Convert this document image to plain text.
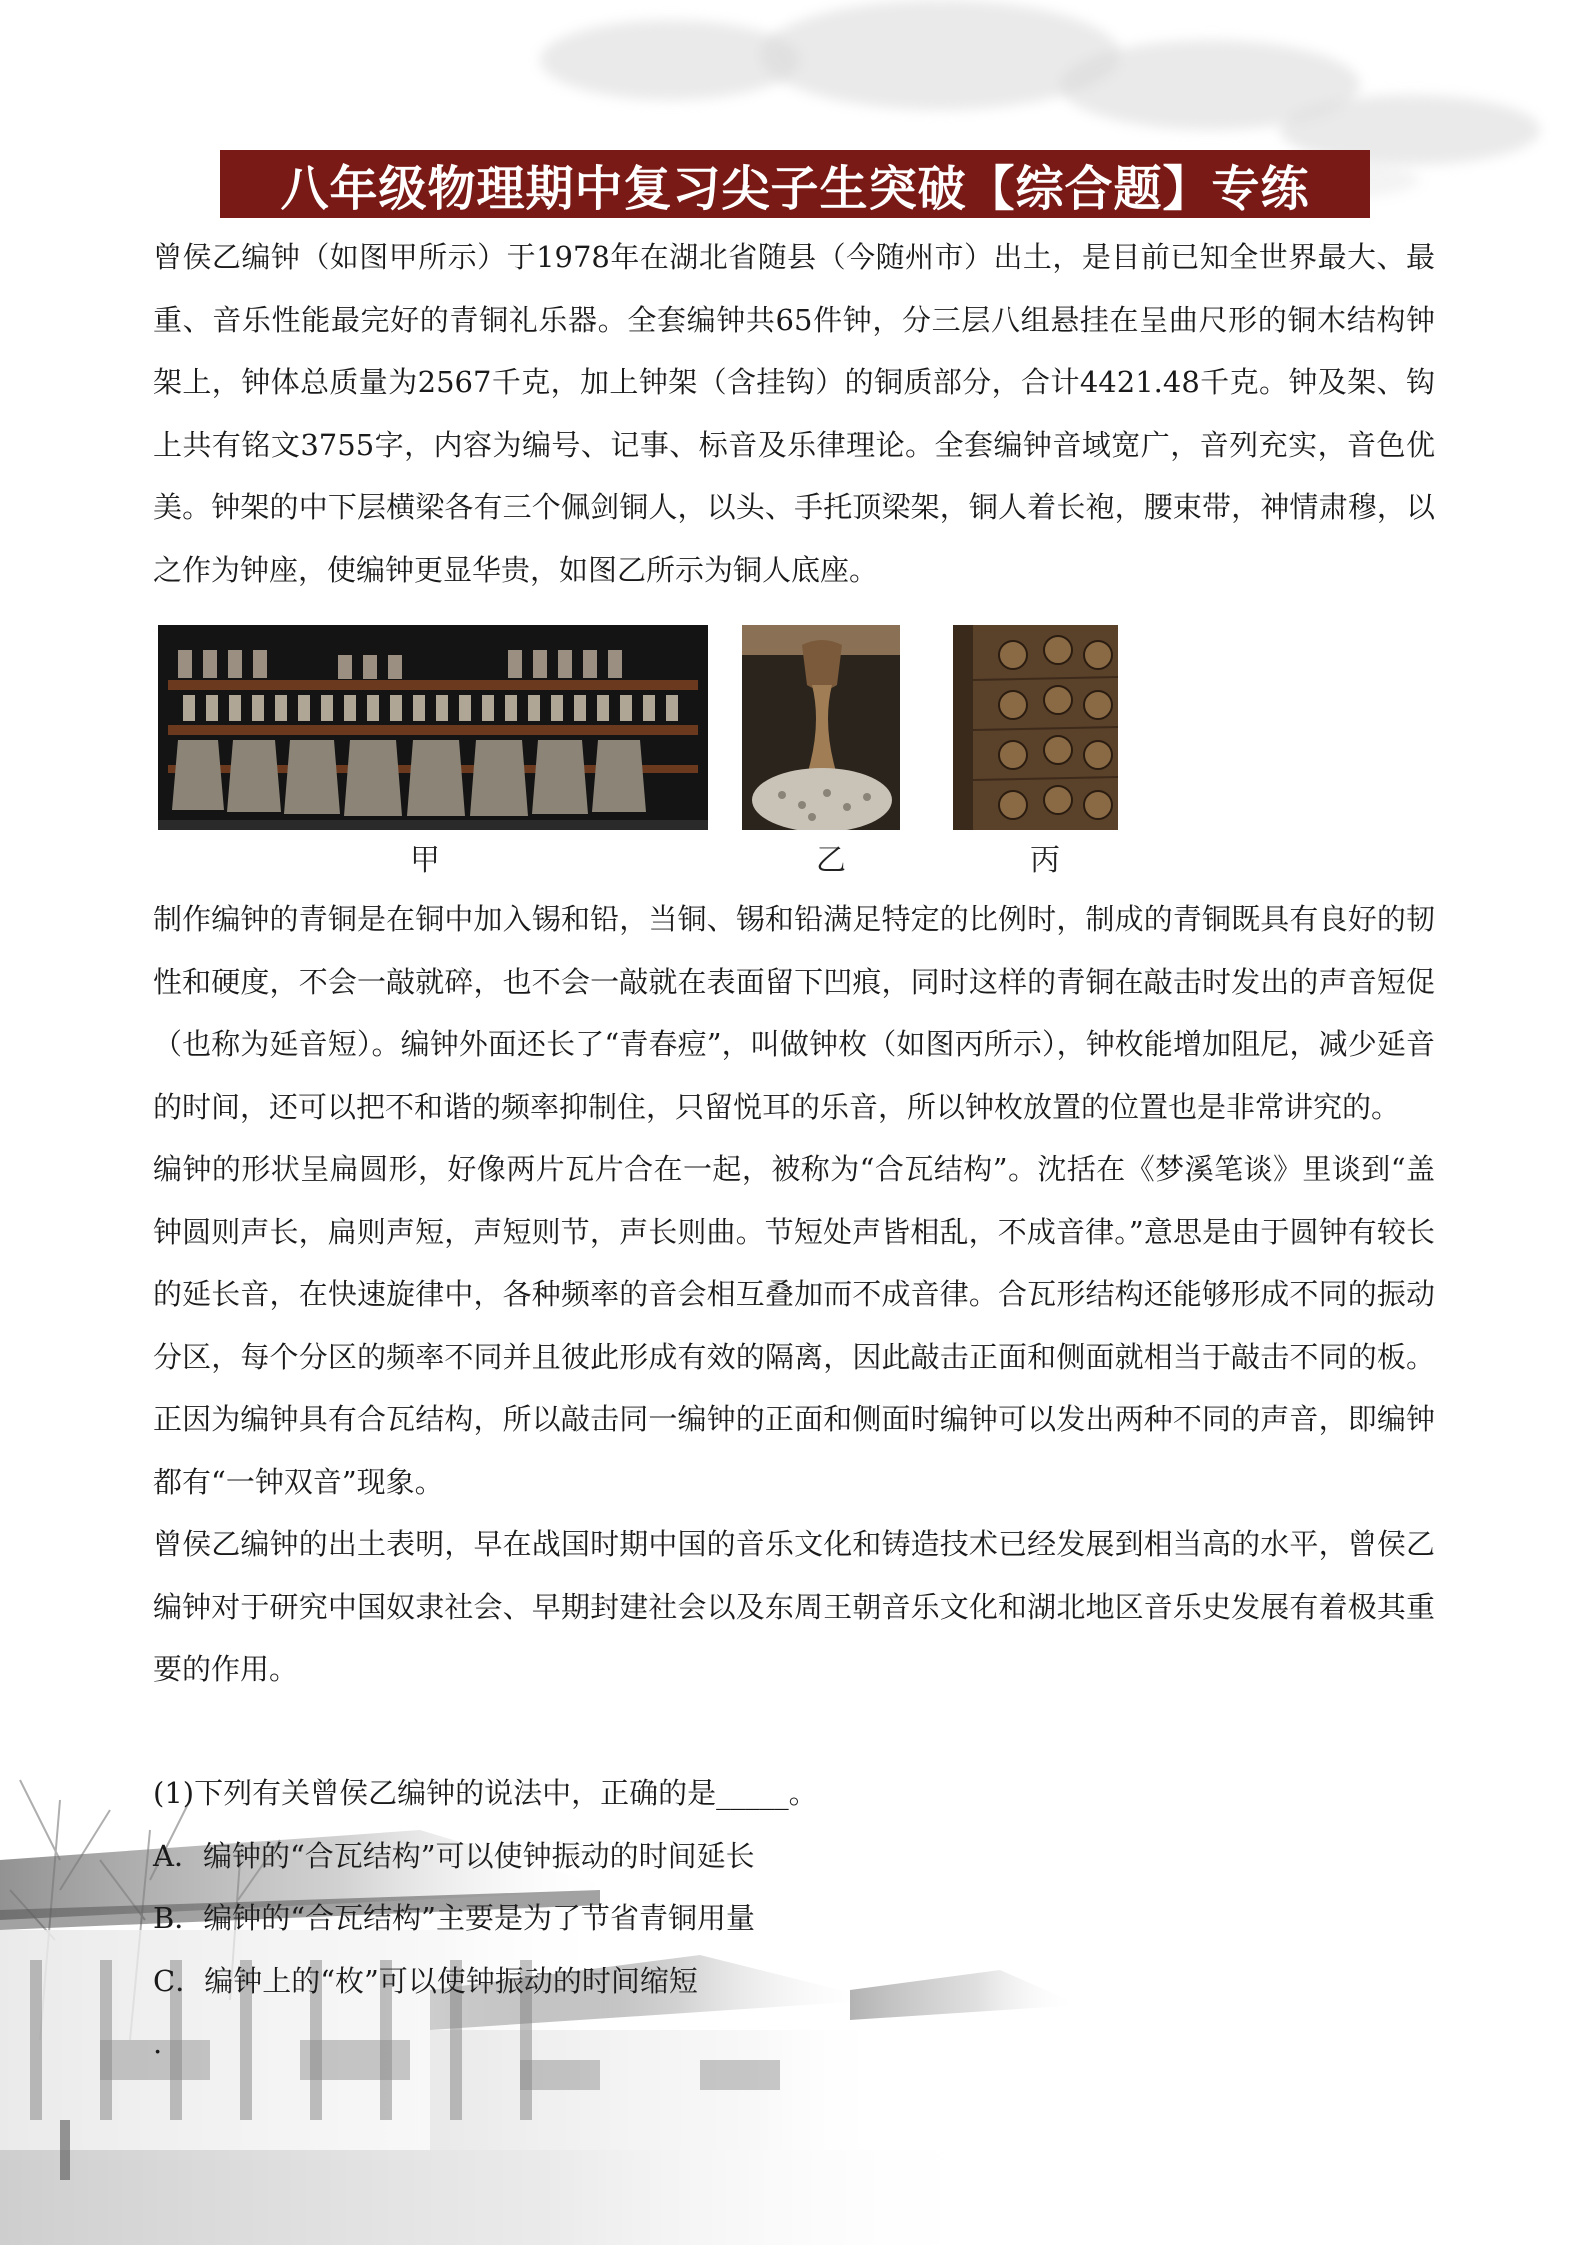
八年级物理期中复习尖子生突破【综合题】专练

曾侯乙编钟（如图甲所示）于1978年在湖北省随县（今随州市）出土，是目前已知全世界最大、最重、音乐性能最完好的青铜礼乐器。全套编钟共65件钟，分三层八组悬挂在呈曲尺形的铜木结构钟架上，钟体总质量为2567千克，加上钟架（含挂钩）的铜质部分，合计4421.48千克。钟及架、钩上共有铭文3755字，内容为编号、记事、标音及乐律理论。全套编钟音域宽广，音列充实，音色优美。钟架的中下层横梁各有三个佩剑铜人，以头、手托顶梁架，铜人着长袍，腰束带，神情肃穆，以之作为钟座，使编钟更显华贵，如图乙所示为铜人底座。

甲	乙	丙

制作编钟的青铜是在铜中加入锡和铅，当铜、锡和铅满足特定的比例时，制成的青铜既具有良好的韧性和硬度，不会一敲就碎，也不会一敲就在表面留下凹痕，同时这样的青铜在敲击时发出的声音短促（也称为延音短）。编钟外面还长了“青春痘”，叫做钟枚（如图丙所示），钟枚能增加阻尼，减少延音的时间，还可以把不和谐的频率抑制住，只留悦耳的乐音，所以钟枚放置的位置也是非常讲究的。

编钟的形状呈扁圆形，好像两片瓦片合在一起，被称为“合瓦结构”。沈括在《梦溪笔谈》里谈到“盖钟圆则声长，扁则声短，声短则节，声长则曲。节短处声皆相乱，不成音律。”意思是由于圆钟有较长的延长音，在快速旋律中，各种频率的音会相互叠加而不成音律。合瓦形结构还能够形成不同的振动分区，每个分区的频率不同并且彼此形成有效的隔离，因此敲击正面和侧面就相当于敲击不同的板。正因为编钟具有合瓦结构，所以敲击同一编钟的正面和侧面时编钟可以发出两种不同的声音，即编钟都有“一钟双音”现象。

曾侯乙编钟的出土表明，早在战国时期中国的音乐文化和铸造技术已经发展到相当高的水平，曾侯乙编钟对于研究中国奴隶社会、早期封建社会以及东周王朝音乐文化和湖北地区音乐史发展有着极其重要的作用。

(1)下列有关曾侯乙编钟的说法中，正确的是_____。

A．编钟的“合瓦结构”可以使钟振动的时间延长

B．编钟的“合瓦结构”主要是为了节省青铜用量

C．编钟上的“枚”可以使钟振动的时间缩短

.
